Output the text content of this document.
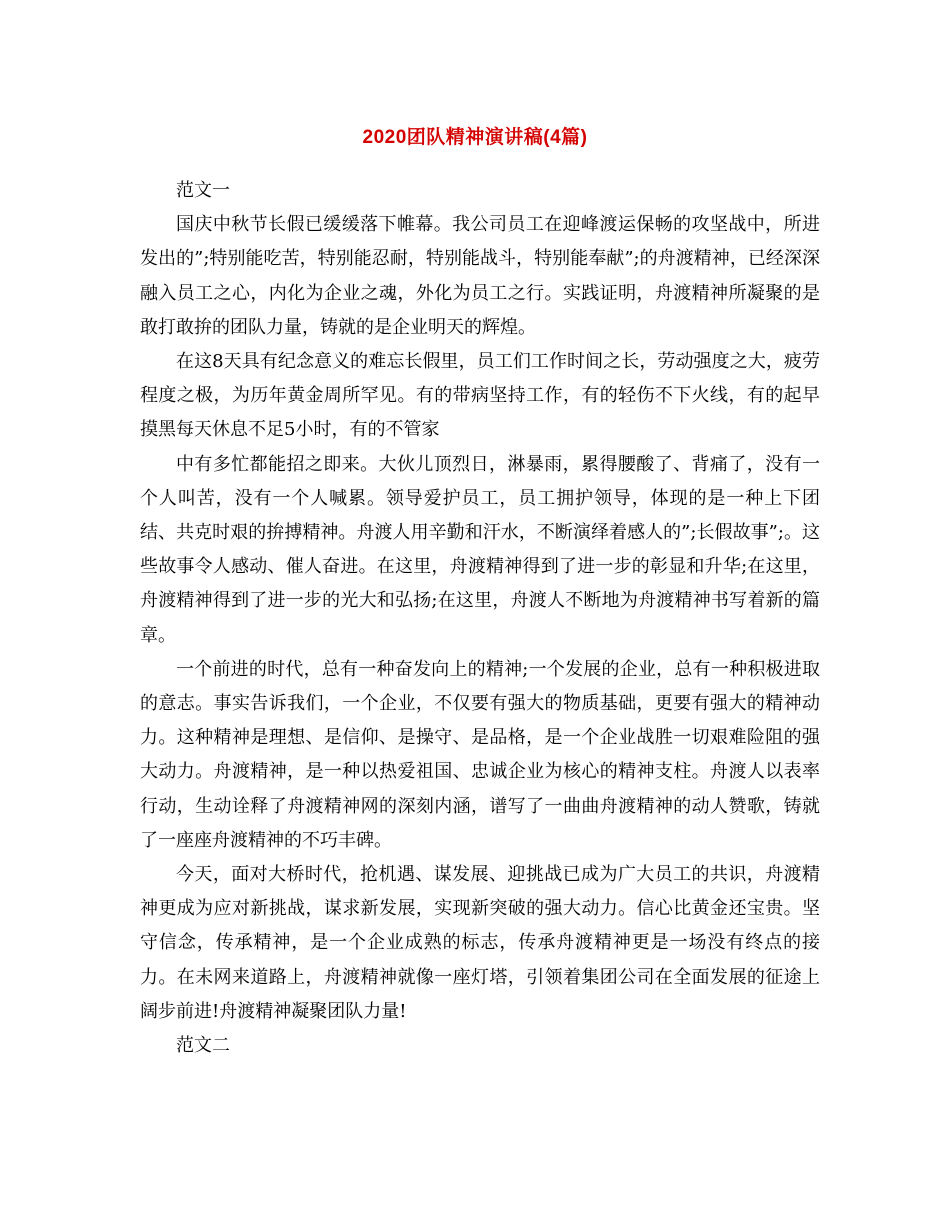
2020团队精神演讲稿(4篇)

范文一

国庆中秋节长假已缓缓落下帷幕。我公司员工在迎峰渡运保畅的攻坚战中，所进发出的”;特别能吃苦，特别能忍耐，特别能战斗，特别能奉献”;的舟渡精神，已经深深融入员工之心，内化为企业之魂，外化为员工之行。实践证明，舟渡精神所凝聚的是敢打敢拚的团队力量，铸就的是企业明天的辉煌。

在这8天具有纪念意义的难忘长假里，员工们工作时间之长，劳动强度之大，疲劳程度之极，为历年黄金周所罕见。有的带病坚持工作，有的轻伤不下火线，有的起早摸黑每天休息不足5小时，有的不管家

中有多忙都能招之即来。大伙儿顶烈日，淋暴雨，累得腰酸了、背痛了，没有一个人叫苦，没有一个人喊累。领导爱护员工，员工拥护领导，体现的是一种上下团结、共克时艰的拚搏精神。舟渡人用辛勤和汗水，不断演绎着感人的”;长假故事”;。这些故事令人感动、催人奋进。在这里，舟渡精神得到了进一步的彰显和升华;在这里，舟渡精神得到了进一步的光大和弘扬;在这里，舟渡人不断地为舟渡精神书写着新的篇章。

一个前进的时代，总有一种奋发向上的精神;一个发展的企业，总有一种积极进取的意志。事实告诉我们，一个企业，不仅要有强大的物质基础，更要有强大的精神动力。这种精神是理想、是信仰、是操守、是品格，是一个企业战胜一切艰难险阻的强大动力。舟渡精神，是一种以热爱祖国、忠诚企业为核心的精神支柱。舟渡人以表率行动，生动诠释了舟渡精神网的深刻内涵，谱写了一曲曲舟渡精神的动人赞歌，铸就了一座座舟渡精神的不巧丰碑。

今天，面对大桥时代，抢机遇、谋发展、迎挑战已成为广大员工的共识，舟渡精神更成为应对新挑战，谋求新发展，实现新突破的强大动力。信心比黄金还宝贵。坚守信念，传承精神，是一个企业成熟的标志，传承舟渡精神更是一场没有终点的接力。在未网来道路上，舟渡精神就像一座灯塔，引领着集团公司在全面发展的征途上阔步前进!舟渡精神凝聚团队力量!

范文二
